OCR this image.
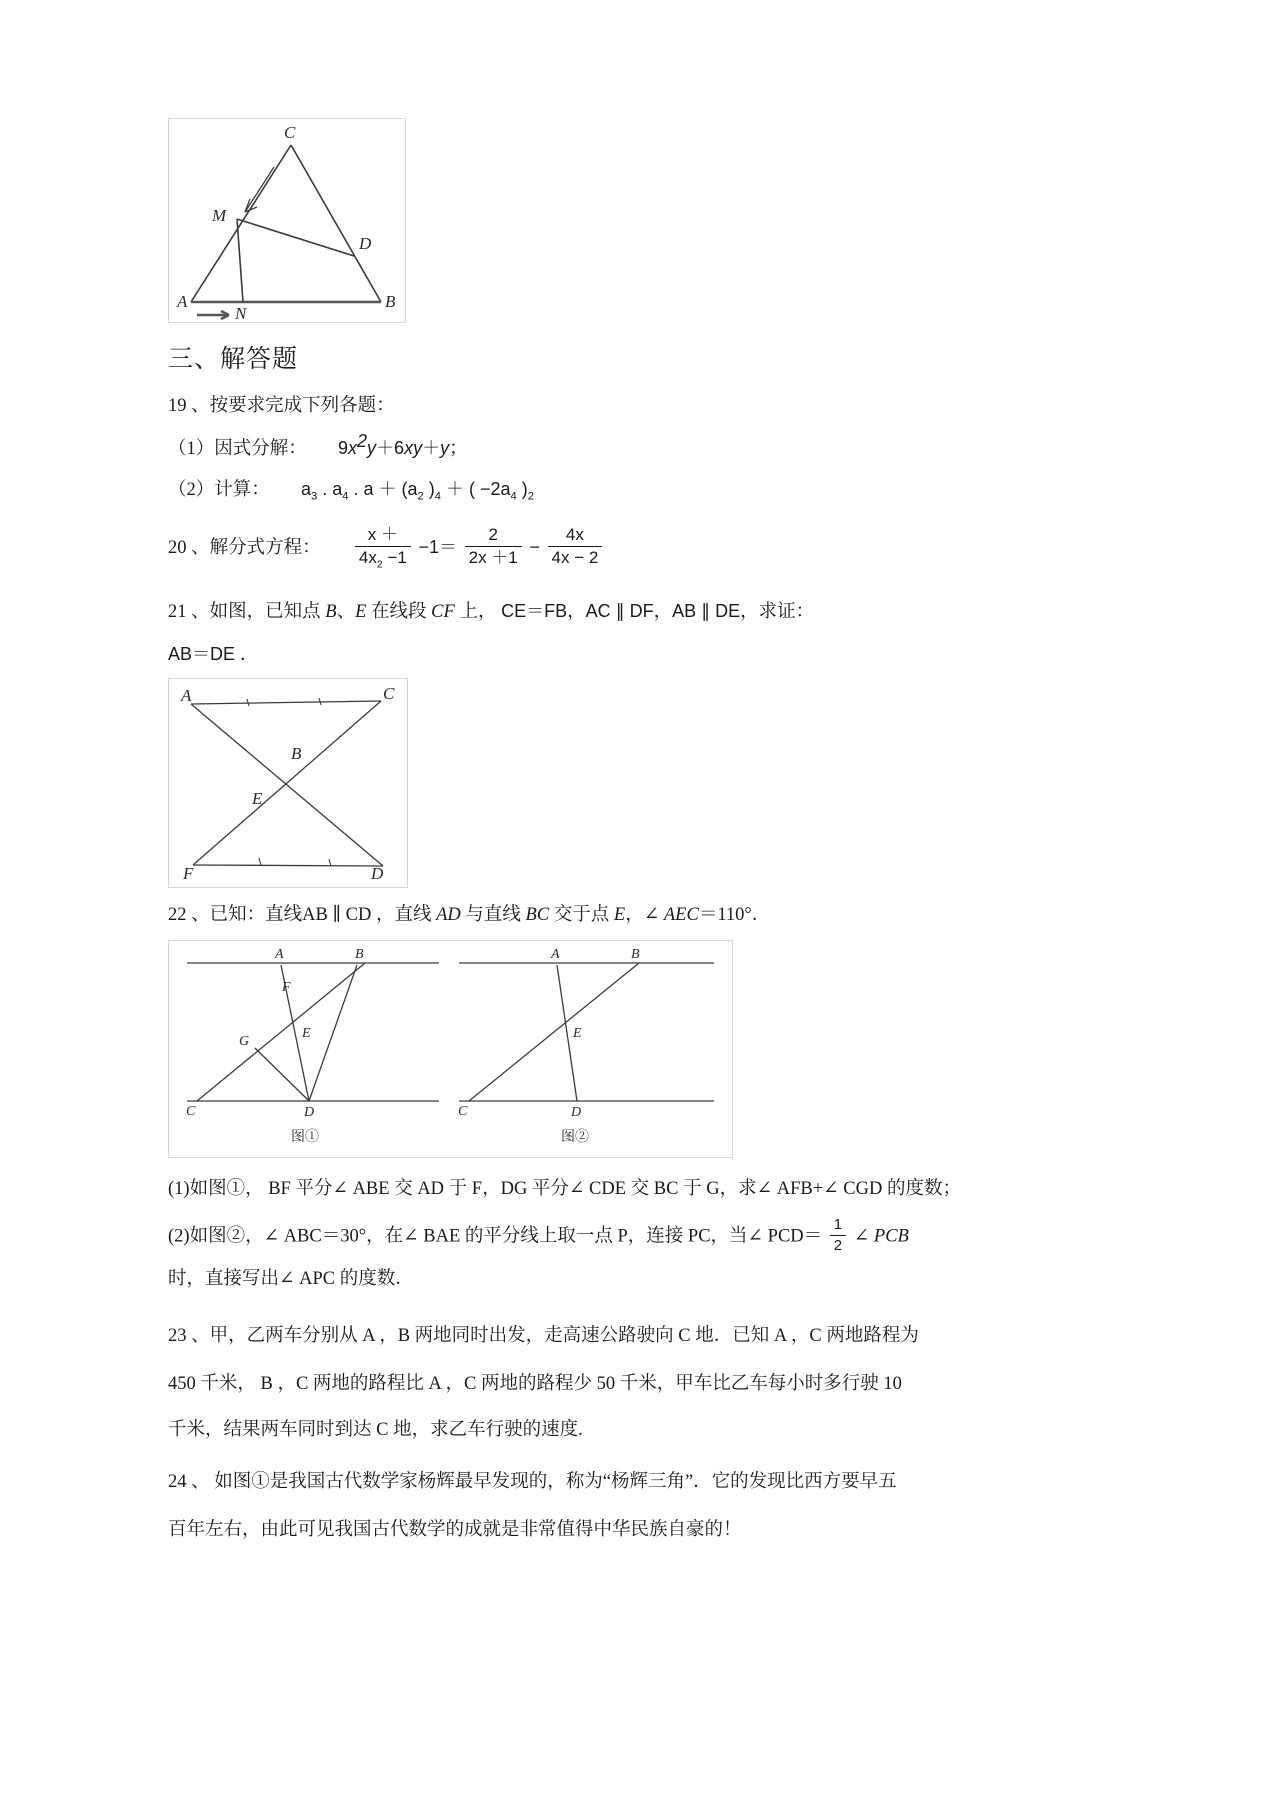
C
M
D
A
N
B
三、解答题
19 、按要求完成下列各题：
（1）因式分解： $9x^2y+6xy+y$；
（2）计算： $a_3$ . $a_4$ . $a + (a_2$ )$_4$ ＋ ( $-2a_4$ )$_2$
20 、解分式方程： $\frac{x +}{4x_2 -1} -1= \frac{2}{2x +1} - \frac{4x}{4x - 2}$
21 、如图，已知点 B、E 在线段 CF 上， CE＝FB，AC ∥ DF，AB ∥ DE，求证：
AB＝DE ．
A	C
B
E
F	D
22 、已知：直线AB ∥ CD ，直线 AD 与直线 BC 交于点 E，∠ AEC＝110°．
A	B
F
E
G
C	D
图①
A	B
E
C	D
图②
(1)如图①， BF 平分∠ ABE 交 AD 于 F，DG 平分∠ CDE 交 BC 于 G，求∠ AFB+∠ CGD 的度数；
(2)如图②，∠ ABC＝30°，在∠ BAE 的平分线上取一点 P，连接 PC，当∠ $PCD= \frac{1}{2}$ ∠ PCB
时，直接写出∠ APC 的度数．
23 、甲，乙两车分别从 A ，B 两地同时出发，走高速公路驶向 C 地．已知 A ，C 两地路程为
450 千米， B ，C 两地的路程比 A ，C 两地的路程少 50 千米，甲车比乙车每小时多行驶 10
千米，结果两车同时到达 C 地，求乙车行驶的速度.
24 、 如图①是我国古代数学家杨辉最早发现的，称为“杨辉三角”．它的发现比西方要早五
百年左右，由此可见我国古代数学的成就是非常值得中华民族自豪的！
